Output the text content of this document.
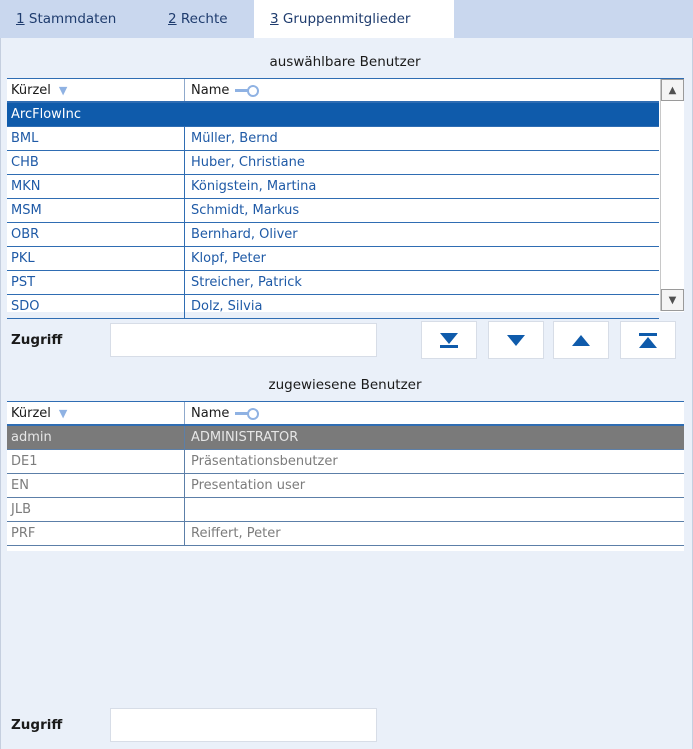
1 Stammdaten	2 Rechte	3 Gruppenmitglieder
auswählbare Benutzer
Kürzel ▼	Name
ArcFlowInc
BML	Müller, Bernd
CHB	Huber, Christiane
MKN	Königstein, Martina
MSM	Schmidt, Markus
OBR	Bernhard, Oliver
PKL	Klopf, Peter
PST	Streicher, Patrick
SDO	Dolz, Silvia
▲
▼
Zugriff
zugewiesene Benutzer
Kürzel ▼	Name
admin	ADMINISTRATOR
DE1	Präsentationsbenutzer
EN	Presentation user
JLB
PRF	Reiffert, Peter
Zugriff
